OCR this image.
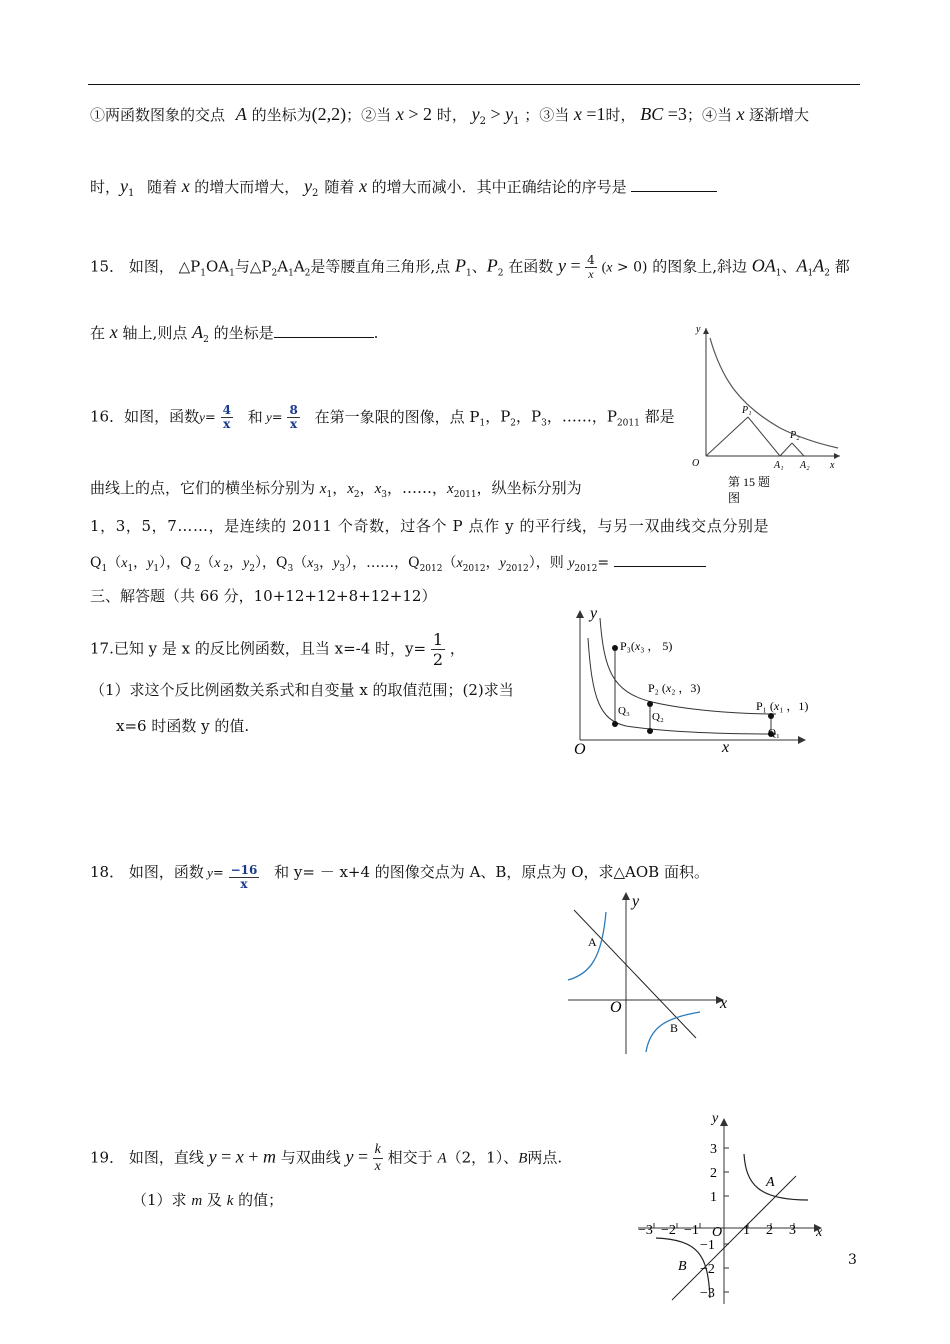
①两函数图象的交点 A 的坐标为(2,2)；②当 x > 2 时， $y_2 > y_1$ ；③当 x =1时， BC =3；④当 x 逐渐增大
时，$y_1$ 随着 x 的增大而增大， $y_2$ 随着 x 的增大而减小．其中正确结论的序号是
15． 如图， $\triangle P_1OA_1$与$\triangle P_2A_1A_2$是等腰直角三角形,点 $P_1$、$P_2$ 在函数 $y = \frac{4}{x} (x > 0)$ 的图象上,斜边 $OA_1$、$A_1A_2$ 都
在 x 轴上,则点 $A_2$ 的坐标是	.	y
O
P₁
P₂
A₁ A₂ x
第 15 题
图
16．如图，函数$y= \frac{4}{x}$ 和 $y= \frac{8}{x}$ 在第一象限的图像，点 $P_1$，$P_2$，$P_3$，……，$P_{2011}$ 都是
曲线上的点，它们的横坐标分别为 $x_1$，$x_2$，$x_3$，……，$x_{2011}$，纵坐标分别为
1，3，5，7……，是连续的 2011 个奇数，过各个 P 点作 y 的平行线，与另一双曲线交点分别是
$Q_1(x_1$，$y_1$），Q $_2$（x $_2$，$y_2$），$Q_3(x_3$，$y_3$），……，$Q_{2012}(x_{2012}$，$y_{2012}$），则 $y_{2012}=$
三、解答题（共 66 分，10+12+12+8+12+12）
17.已知 y 是 x 的反比例函数，且当 x=-4 时，$y= \frac{1}{2}$ ，
（1）求这个反比例函数关系式和自变量 x 的取值范围；(2)求当
x=6 时函数 y 的值.
y
O	x
P₃(x₃ ， 5)
P₂ (x₂ ，3)
P₁ (x₁ ，1)
Q₃ Q₂
Q₁
18． 如图，函数 $y= \frac{-16}{x}$ 和 y= － x+4 的图像交点为 A、B，原点为 O，求△AOB 面积。
y
x
O
A
B
19． 如图，直线 y = x + m 与双曲线 $y = \frac{k}{x}$ 相交于 A（2，1）、B两点.
（1）求 m 及 k 的值；
y
x
O
A
B
−3 −2 −1	1 2 3
3
2
1
−1
−2
−3
3
